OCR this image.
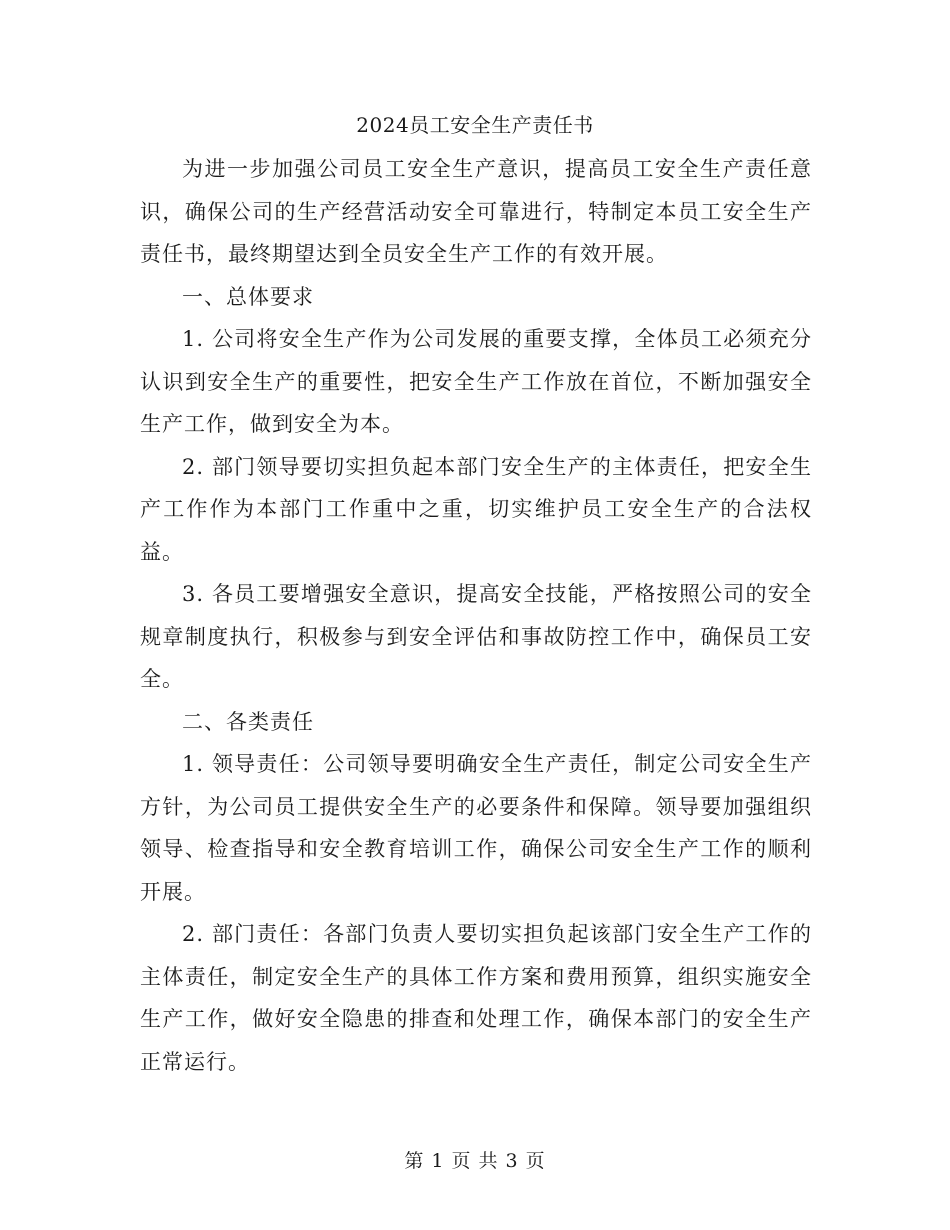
2024员工安全生产责任书

为进一步加强公司员工安全生产意识，提高员工安全生产责任意识，确保公司的生产经营活动安全可靠进行，特制定本员工安全生产责任书，最终期望达到全员安全生产工作的有效开展。

一、总体要求

1. 公司将安全生产作为公司发展的重要支撑，全体员工必须充分认识到安全生产的重要性，把安全生产工作放在首位，不断加强安全生产工作，做到安全为本。

2. 部门领导要切实担负起本部门安全生产的主体责任，把安全生产工作作为本部门工作重中之重，切实维护员工安全生产的合法权益。

3. 各员工要增强安全意识，提高安全技能，严格按照公司的安全规章制度执行，积极参与到安全评估和事故防控工作中，确保员工安全。

二、各类责任

1. 领导责任：公司领导要明确安全生产责任，制定公司安全生产方针，为公司员工提供安全生产的必要条件和保障。领导要加强组织领导、检查指导和安全教育培训工作，确保公司安全生产工作的顺利开展。

2. 部门责任：各部门负责人要切实担负起该部门安全生产工作的主体责任，制定安全生产的具体工作方案和费用预算，组织实施安全生产工作，做好安全隐患的排查和处理工作，确保本部门的安全生产正常运行。

第 1 页 共 3 页
